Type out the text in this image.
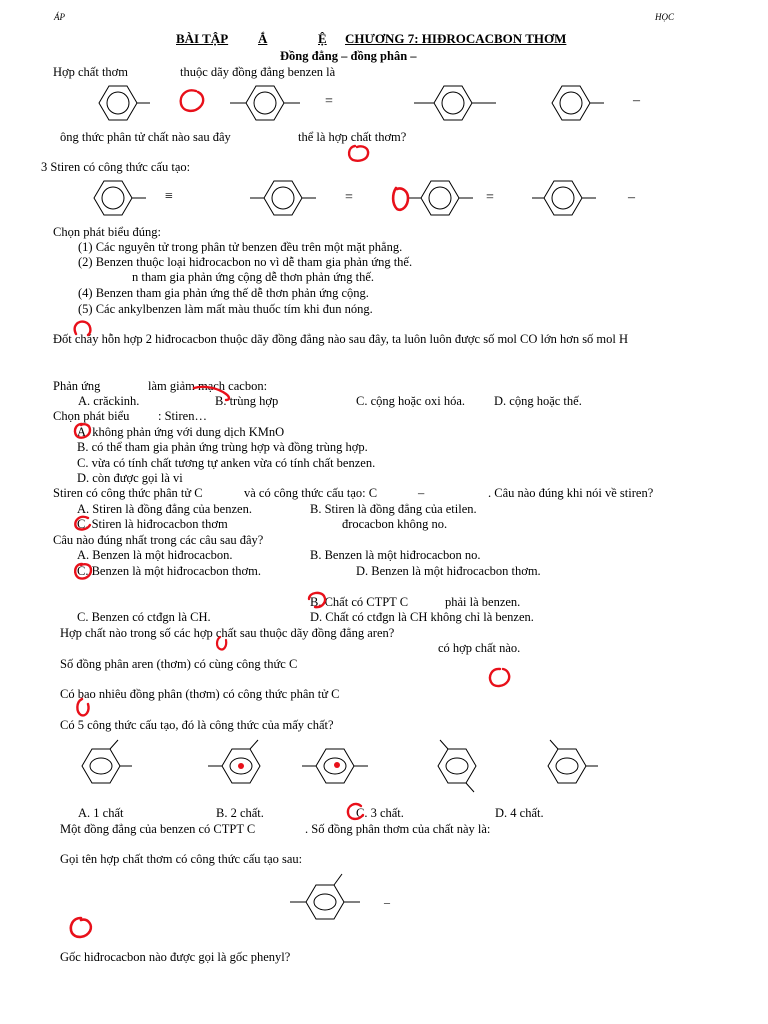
ÁP	HỌC
BÀI TẬP Ắ	Ệ CHƯƠNG 7: HIĐROCACBON THƠM
Đồng đẳng – đồng phân –
Hợp chất thơm	thuộc dãy đồng đẳng benzen là
=	–
ông thức phân tử chất nào sau đây	thể là hợp chất thơm?
3 Stiren có công thức cấu tạo:
≡	=	=	–
Chọn phát biểu đúng:
(1) Các nguyên tử trong phân tử benzen đều trên một mặt phẳng.
(2) Benzen thuộc loại hiđrocacbon no vì dễ tham gia phản ứng thế.
n tham gia phản ứng cộng dễ thơn phản ứng thế.
(4) Benzen tham gia phản ứng thế dễ thơn phản ứng cộng.
(5) Các ankylbenzen làm mất màu thuốc tím khi đun nóng.
Đốt cháy hỗn hợp 2 hiđrocacbon thuộc dãy đồng đẳng nào sau đây, ta luôn luôn được số mol CO lớn hơn số mol H
Phản ứng	làm giảm mạch cacbon:
A. crăckinh.	B. trùng hợp	C. cộng hoặc oxi hóa. D. cộng hoặc thế.
Chọn phát biểu : Stiren…
A. không phản ứng với dung dịch KMnO
B. có thể tham gia phản ứng trùng hợp và đồng trùng hợp.
C. vừa có tính chất tương tự anken vừa có tính chất benzen.
D. còn được gọi là vi
Stiren có công thức phân tử C	và có công thức cấu tạo: C	–	. Câu nào đúng khi nói về stiren?
A. Stiren là đồng đẳng của benzen.	B. Stiren là đồng đẳng của etilen.
C. Stiren là hiđrocacbon thơm	đrocacbon không no.
Câu nào đúng nhất trong các câu sau đây?
A. Benzen là một hiđrocacbon.	B. Benzen là một hiđrocacbon no.
C. Benzen là một hiđrocacbon thơm.	D. Benzen là một hiđrocacbon thơm.
B. Chất có CTPT C	phải là benzen.
C. Benzen có ctđgn là CH.	D. Chất có ctđgn là CH không chỉ là benzen.
Hợp chất nào trong số các hợp chất sau thuộc dãy đồng đẳng aren?
có hợp chất nào.
Số đồng phân aren (thơm) có cùng công thức C
Có bao nhiêu đồng phân (thơm) có công thức phân tử C
Có 5 công thức cấu tạo, đó là công thức của mấy chất?
A. 1 chất	B. 2 chất.	C. 3 chất.	D. 4 chất.
Một đồng đẳng của benzen có CTPT C	. Số đồng phân thơm của chất này là:
Gọi tên hợp chất thơm có công thức cấu tạo sau:
–
Gốc hiđrocacbon nào được gọi là gốc phenyl?
